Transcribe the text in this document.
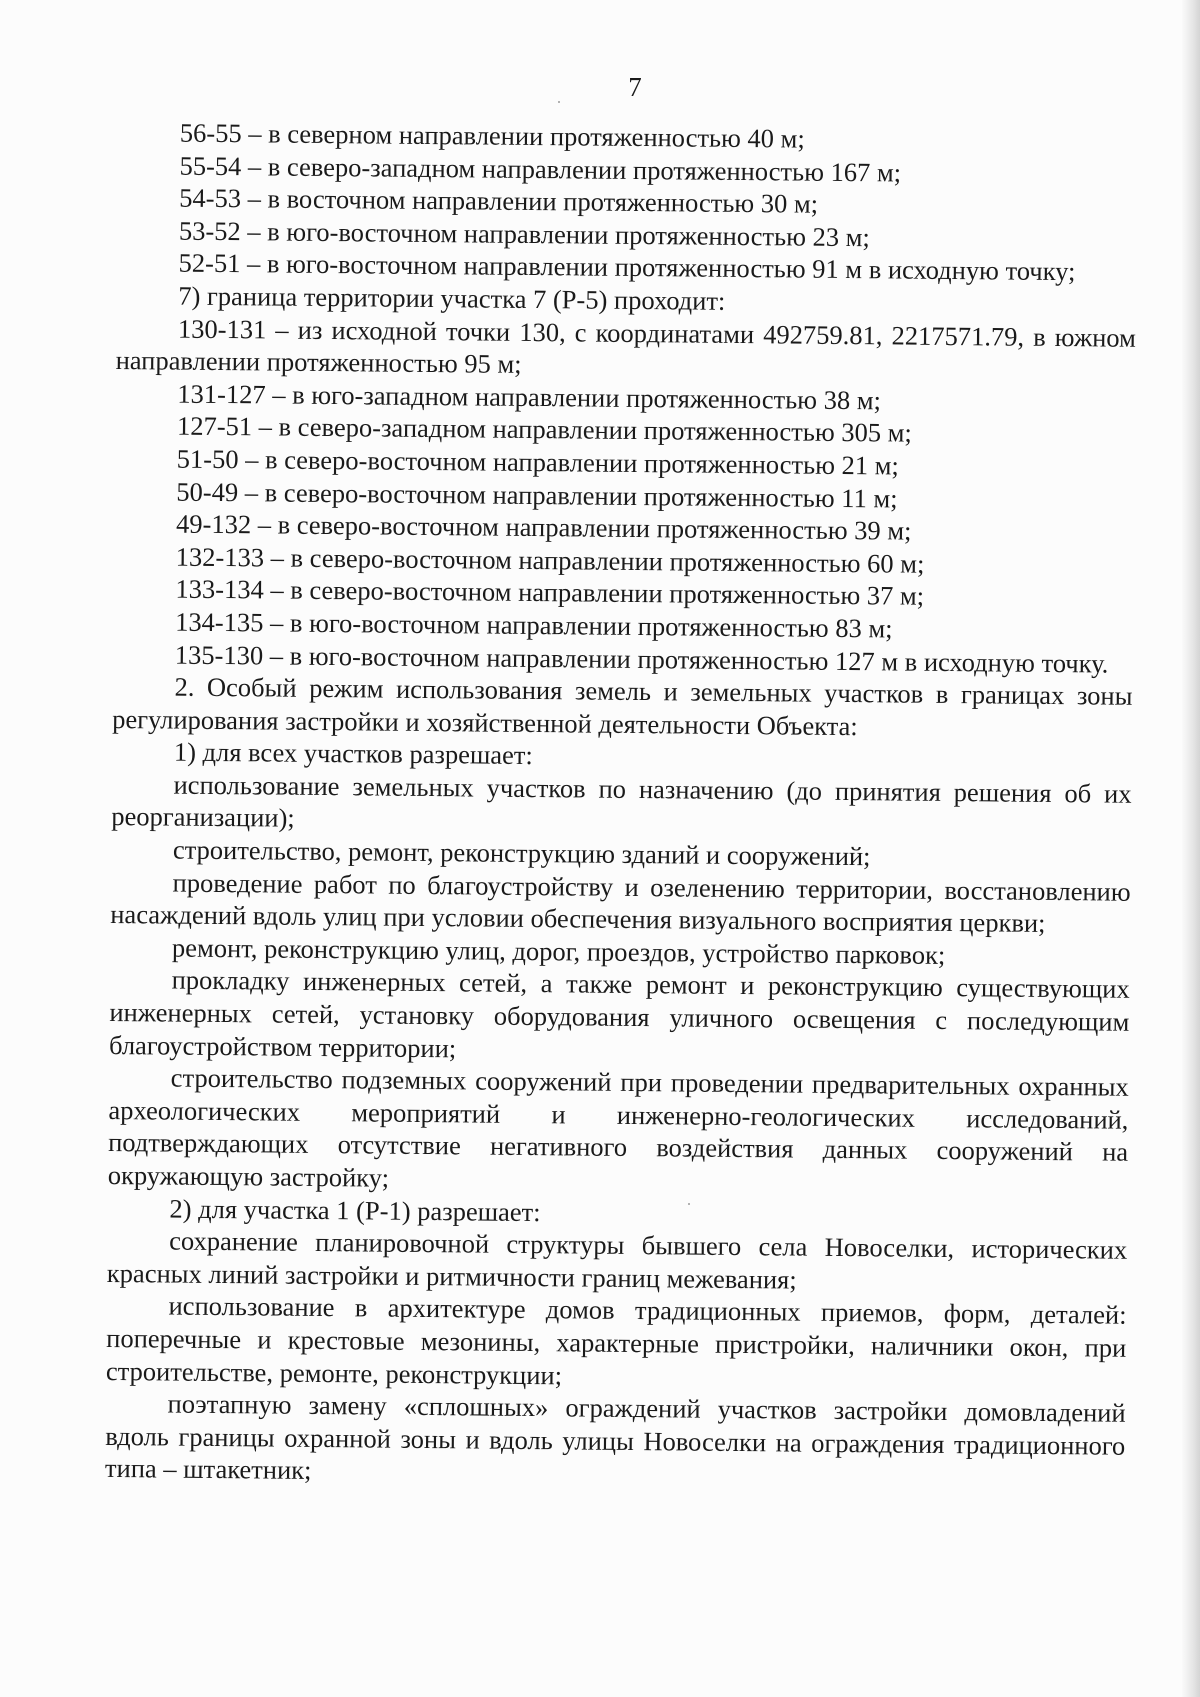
7

56-55 – в северном направлении протяженностью 40 м;

55-54 – в северо-западном направлении протяженностью 167 м;

54-53 – в восточном направлении протяженностью 30 м;

53-52 – в юго-восточном направлении протяженностью 23 м;

52-51 – в юго-восточном направлении протяженностью 91 м в исходную точку;

7) граница территории участка 7 (Р-5) проходит:

130-131 – из исходной точки 130, с координатами 492759.81, 2217571.79, в южном направлении протяженностью 95 м;

131-127 – в юго-западном направлении протяженностью 38 м;

127-51 – в северо-западном направлении протяженностью 305 м;

51-50 – в северо-восточном направлении протяженностью 21 м;

50-49 – в северо-восточном направлении протяженностью 11 м;

49-132 – в северо-восточном направлении протяженностью 39 м;

132-133 – в северо-восточном направлении протяженностью 60 м;

133-134 – в северо-восточном направлении протяженностью 37 м;

134-135 – в юго-восточном направлении протяженностью 83 м;

135-130 – в юго-восточном направлении протяженностью 127 м в исходную точку.

2. Особый режим использования земель и земельных участков в границах зоны регулирования застройки и хозяйственной деятельности Объекта:

1) для всех участков разрешает:

использование земельных участков по назначению (до принятия решения об их реорганизации);

строительство, ремонт, реконструкцию зданий и сооружений;

проведение работ по благоустройству и озеленению территории, восстановлению насаждений вдоль улиц при условии обеспечения визуального восприятия церкви;

ремонт, реконструкцию улиц, дорог, проездов, устройство парковок;

прокладку инженерных сетей, а также ремонт и реконструкцию существующих инженерных сетей, установку оборудования уличного освещения с последующим благоустройством территории;

строительство подземных сооружений при проведении предварительных охранных археологических мероприятий и инженерно-геологических исследований, подтверждающих отсутствие негативного воздействия данных сооружений на окружающую застройку;

2) для участка 1 (Р-1) разрешает:

сохранение планировочной структуры бывшего села Новоселки, исторических красных линий застройки и ритмичности границ межевания;

использование в архитектуре домов традиционных приемов, форм, деталей: поперечные и крестовые мезонины, характерные пристройки, наличники окон, при строительстве, ремонте, реконструкции;

поэтапную замену «сплошных» ограждений участков застройки домовладений вдоль границы охранной зоны и вдоль улицы Новоселки на ограждения традиционного типа – штакетник;
